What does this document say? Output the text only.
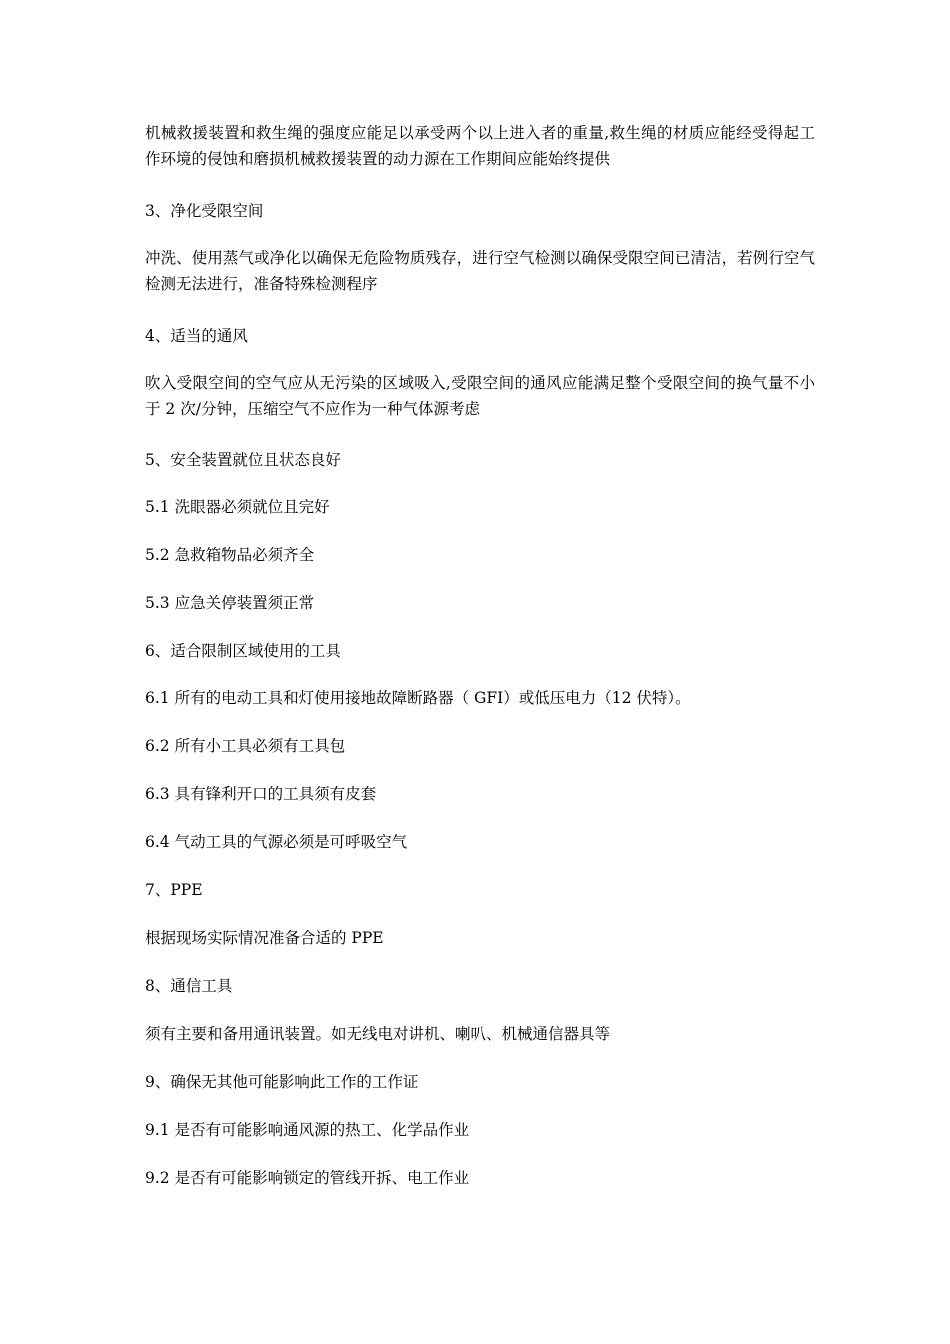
机械救援装置和救生绳的强度应能足以承受两个以上进入者的重量,救生绳的材质应能经受得起工作环境的侵蚀和磨损机械救援装置的动力源在工作期间应能始终提供

3、净化受限空间

冲洗、使用蒸气或净化以确保无危险物质残存，进行空气检测以确保受限空间已清洁，若例行空气检测无法进行，准备特殊检测程序

4、适当的通风

吹入受限空间的空气应从无污染的区域吸入,受限空间的通风应能满足整个受限空间的换气量不小于 2 次/分钟，压缩空气不应作为一种气体源考虑

5、安全装置就位且状态良好

5.1 洗眼器必须就位且完好

5.2 急救箱物品必须齐全

5.3 应急关停装置须正常

6、适合限制区域使用的工具

6.1 所有的电动工具和灯使用接地故障断路器（ GFI）或低压电力（12 伏特）。

6.2 所有小工具必须有工具包

6.3 具有锋利开口的工具须有皮套

6.4 气动工具的气源必须是可呼吸空气

7、PPE

根据现场实际情况准备合适的 PPE

8、通信工具

须有主要和备用通讯装置。如无线电对讲机、喇叭、机械通信器具等

9、确保无其他可能影响此工作的工作证

9.1 是否有可能影响通风源的热工、化学品作业

9.2 是否有可能影响锁定的管线开拆、电工作业
